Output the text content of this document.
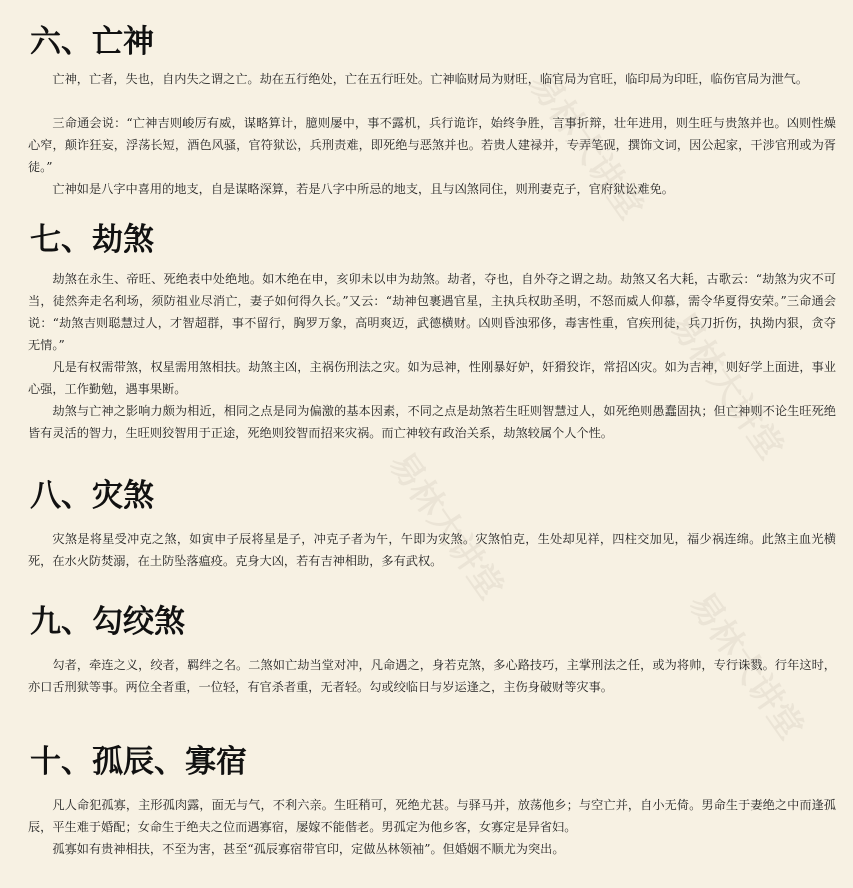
易林大讲堂
易林大讲堂
易林大讲堂
易林大讲堂
六、亡神
亡神，亡者，失也，自内失之谓之亡。劫在五行绝处，亡在五行旺处。亡神临财局为财旺，临官局为官旺，临印局为印旺，临伤官局为泄气。
三命通会说：“亡神吉则峻厉有威，谋略算计，臆则屡中，事不露机，兵行诡诈，始终争胜，言事折辩，壮年进用，则生旺与贵煞并也。凶则性燥心窄，颠诈狂妄，浮荡长短，酒色风骚，官符狱讼，兵刑责难，即死绝与恶煞并也。若贵人建禄并，专弄笔砚，撰饰文词，因公起家，干涉官刑或为胥徒。”
亡神如是八字中喜用的地支，自是谋略深算，若是八字中所忌的地支，且与凶煞同住，则刑妻克子，官府狱讼难免。
七、劫煞
劫煞在永生、帝旺、死绝表中处绝地。如木绝在申，亥卯未以申为劫煞。劫者，夺也，自外夺之谓之劫。劫煞又名大耗，古歌云：“劫煞为灾不可当，徒然奔走名利场，须防祖业尽消亡，妻子如何得久长。”又云：“劫神包裹遇官星，主执兵权助圣明，不怒而威人仰慕，需令华夏得安荣。”三命通会说：“劫煞吉则聪慧过人，才智超群，事不留行，胸罗万象，高明爽迈，武德横财。凶则昏浊邪侈，毒害性重，官疾刑徒，兵刀折伤，执拗内狠，贪夺无情。”
凡是有权需带煞，权星需用煞相扶。劫煞主凶，主祸伤刑法之灾。如为忌神，性刚暴好妒，奸猾狡诈，常招凶灾。如为吉神，则好学上面进，事业心强，工作勤勉，遇事果断。
劫煞与亡神之影响力颇为相近，相同之点是同为偏激的基本因素，不同之点是劫煞若生旺则智慧过人，如死绝则愚蠢固执；但亡神则不论生旺死绝皆有灵活的智力，生旺则狡智用于正途，死绝则狡智而招来灾祸。而亡神较有政治关系，劫煞较属个人个性。
八、灾煞
灾煞是将星受冲克之煞，如寅申子辰将星是子，冲克子者为午，午即为灾煞。灾煞怕克，生处却见祥，四柱交加见，福少祸连绵。此煞主血光横死，在水火防焚溺，在土防坠落瘟疫。克身大凶，若有吉神相助，多有武权。
九、勾绞煞
勾者，牵连之义，绞者，羁绊之名。二煞如亡劫当堂对冲，凡命遇之，身若克煞，多心路技巧，主掌刑法之任，或为将帅，专行诛戮。行年这时，亦口舌刑狱等事。两位全者重，一位轻，有官杀者重，无者轻。勾或绞临日与岁运逢之，主伤身破财等灾事。
十、孤辰、寡宿
凡人命犯孤寡，主形孤肉露，面无与气，不利六亲。生旺稍可，死绝尤甚。与驿马并，放荡他乡；与空亡并，自小无倚。男命生于妻绝之中而逢孤辰，平生难于婚配；女命生于绝夫之位而遇寡宿，屡嫁不能偕老。男孤定为他乡客，女寡定是异省妇。
孤寡如有贵神相扶，不至为害，甚至“孤辰寡宿带官印，定做丛林领袖”。但婚姻不顺尤为突出。
